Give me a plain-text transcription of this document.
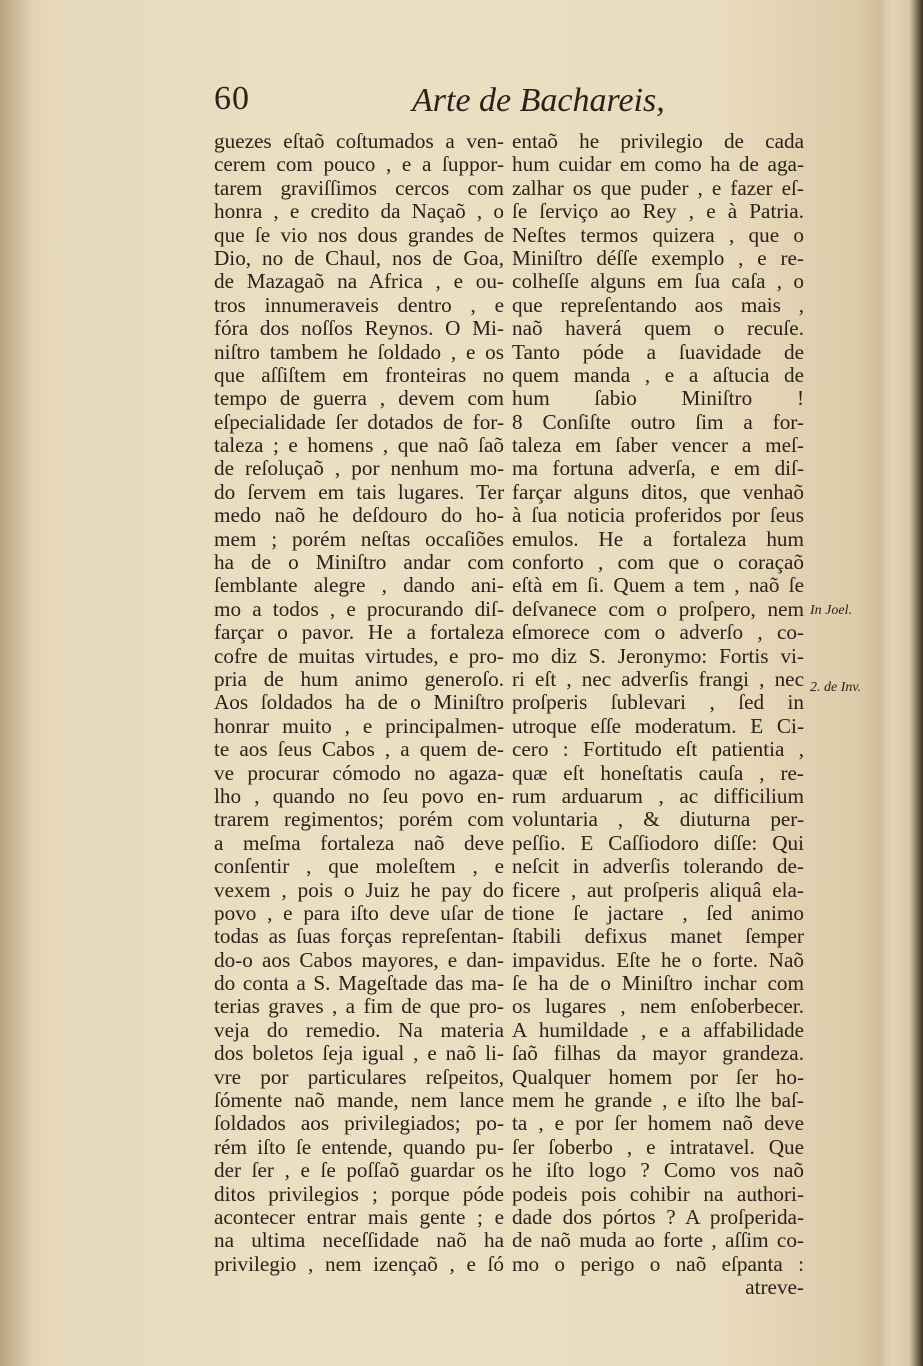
60	Arte de Bachareis,
guezes eſtaõ coſtumados a ven-
cerem com pouco , e a ſuppor-
tarem graviſſimos cercos com
honra , e credito da Naçaõ , o
que ſe vio nos dous grandes de
Dio, no de Chaul, nos de Goa,
de Mazagaõ na Africa , e ou-
tros innumeraveis dentro , e
fóra dos noſſos Reynos. O Mi-
niſtro tambem he ſoldado , e os
que aſſiſtem em fronteiras no
tempo de guerra , devem com
eſpecialidade ſer dotados de for-
taleza ; e homens , que naõ ſaõ
de reſoluçaõ , por nenhum mo-
do ſervem em tais lugares. Ter
medo naõ he deſdouro do ho-
mem ; porém neſtas occaſiões
ha de o Miniſtro andar com
ſemblante alegre , dando ani-
mo a todos , e procurando diſ-
farçar o pavor. He a fortaleza
cofre de muitas virtudes, e pro-
pria de hum animo generoſo.
Aos ſoldados ha de o Miniſtro
honrar muito , e principalmen-
te aos ſeus Cabos , a quem de-
ve procurar cómodo no agaza-
lho , quando no ſeu povo en-
trarem regimentos; porém com
a meſma fortaleza naõ deve
conſentir , que moleſtem , e
vexem , pois o Juiz he pay do
povo , e para iſto deve uſar de
todas as ſuas forças repreſentan-
do-o aos Cabos mayores, e dan-
do conta a S. Mageſtade das ma-
terias graves , a fim de que pro-
veja do remedio. Na materia
dos boletos ſeja igual , e naõ li-
vre por particulares reſpeitos,
ſómente naõ mande, nem lance
ſoldados aos privilegiados; po-
rém iſto ſe entende, quando pu-
der ſer , e ſe poſſaõ guardar os
ditos privilegios ; porque póde
acontecer entrar mais gente ; e
na ultima neceſſidade naõ ha
privilegio , nem izençaõ , e ſó
entaõ he privilegio de cada
hum cuidar em como ha de aga-
zalhar os que puder , e fazer eſ-
ſe ſerviço ao Rey , e à Patria.
Neſtes termos quizera , que o
Miniſtro déſſe exemplo , e re-
colheſſe alguns em ſua caſa , o
que repreſentando aos mais ,
naõ haverá quem o recuſe.
Tanto póde a ſuavidade de
quem manda , e a aſtucia de
hum ſabio Miniſtro !
8 Conſiſte outro ſim a for-
taleza em ſaber vencer a meſ-
ma fortuna adverſa, e em diſ-
farçar alguns ditos, que venhaõ
à ſua noticia proferidos por ſeus
emulos. He a fortaleza hum
conforto , com que o coraçaõ
eſtà em ſi. Quem a tem , naõ ſe
deſvanece com o proſpero, nem
eſmorece com o adverſo , co-
mo diz S. Jeronymo: Fortis vi-
ri eſt , nec adverſis frangi , nec
proſperis ſublevari , ſed in
utroque eſſe moderatum. E Ci-
cero : Fortitudo eſt patientia ,
quæ eſt honeſtatis cauſa , re-
rum arduarum , ac difficilium
voluntaria , & diuturna per-
peſſio. E Caſſiodoro diſſe: Qui
neſcit in adverſis tolerando de-
ficere , aut proſperis aliquâ ela-
tione ſe jactare , ſed animo
ſtabili defixus manet ſemper
impavidus. Eſte he o forte. Naõ
ſe ha de o Miniſtro inchar com
os lugares , nem enſoberbecer.
A humildade , e a affabilidade
ſaõ filhas da mayor grandeza.
Qualquer homem por ſer ho-
mem he grande , e iſto lhe baſ-
ta , e por ſer homem naõ deve
ſer ſoberbo , e intratavel. Que
he iſto logo ? Como vos naõ
podeis pois cohibir na authori-
dade dos pórtos ? A proſperida-
de naõ muda ao forte , aſſim co-
mo o perigo o naõ eſpanta :
atreve-
In Joel.
2. de Inv.
